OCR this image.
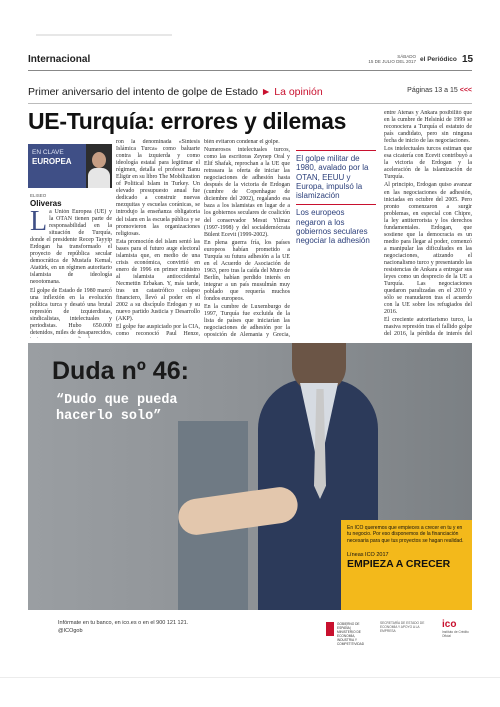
Internacional	SÁBADO
15 DE JULIO DEL 2017 el Periódico 15
Primer aniversario del intento de golpe de Estado ► La opinión	Páginas 13 a 15 <<<
UE-Turquía: errores y dilemas
EN CLAVE
EUROPEA
ELISEO
Oliveras

La Unión Europea (UE) y la OTAN tienen parte de responsabilidad en la situación de Turquía, donde el presidente Recep Tayyip Erdogan ha transformado el proyecto de república secular democrática de Mustafa Kemal, Atatürk, en un régimen autoritario islamista de ideología neootomana.

El golpe de Estado de 1980 marcó una inflexión en la evolución política turca y desató una brutal represión de izquierdistas, sindicalistas, intelectuales y periodistas. Hubo 650.000 detenidos, miles de desaparecidos,

ron la denominada «Síntesis Islámica Turca» como baluarte contra la izquierda y como ideología estatal para legitimar el régimen, detalla el profesor Banu Eligür en su libro The Mobilization of Political Islam in Turkey. Un elevado presupuesto anual fue dedicado a construir nuevas mezquitas y escuelas coránicas, se introdujo la enseñanza obligatoria del islam en la escuela pública y se promovieron las organizaciones religiosas.

Esta promoción del islam sentó las bases para el futuro auge electoral islamista que, en medio de una crisis económica, convirtió en enero de 1996 en primer ministro al islamista antioccidental Necmettin Erbakan. Y, más tarde, tras un catastrófico colapso financiero, llevó al poder en el 2002 a su discípulo Erdogan y su nuevo partido Justicia y Desarrollo (AKP).

El golpe fue auspiciado por la CIA, como reconoció Paul Henze,

bién evitaron condenar el golpe.

Numerosos intelectuales turcos, como las escritoras Zeynep Oral y Elif Shafak, reprochan a la UE que retrasara la oferta de iniciar las negociaciones de adhesión hasta después de la victoria de Erdogan (cumbre de Copenhague de diciembre del 2002), regalando esa baza a los islamistas en lugar de a los gobiernos seculares de coalición del conservador Mesut Yilmaz (1997-1998) y del socialdemócrata Bülent Ecevit (1999-2002).

En plena guerra fría, los países europeos habían prometido a Turquía su futura adhesión a la UE en el Acuerdo de Asociación de 1963, pero tras la caída del Muro de Berlín, habían perdido interés en integrar a un país musulmán muy poblado que requería muchos fondos europeos.

En la cumbre de Luxemburgo de 1997, Turquía fue excluida de la lista de países que iniciarían las negociaciones de adhesión por la oposición de Alemania y Grecia,

El golpe militar de 1980, avalado por la OTAN, EEUU y Europa, impulsó la islamización
Los europeos negaron a los gobiernos seculares negociar la adhesión

entre Atenas y Ankara posibilitó que en la cumbre de Helsinki de 1999 se reconociera a Turquía el estatuto de país candidato, pero sin ninguna fecha de inicio de las negociaciones.

Los intelectuales turcos estiman que esa cicatería con Ecevit contribuyó a la victoria de Erdogan y la aceleración de la islamización de Turquía.

Al principio, Erdogan quiso avanzar en las negociaciones de adhesión, iniciadas en octubre del 2005. Pero pronto comenzaron a surgir problemas, en especial con Chipre, la ley antiterrorista y los derechos fundamentales. Erdogan, que sostiene que la democracia es un medio para llegar al poder, comenzó a manipular las dificultades en las negociaciones, atizando el nacionalismo turco y presentando las resistencias de Ankara a entregar sus leyes como un desprecio de la UE a Turquía. Las negociaciones quedaron paralizadas en el 2010 y sólo se reanudaron tras el acuerdo con la UE sobre los refugiados del 2016.

El creciente autoritarismo turco, la masiva represión tras el fallido golpe del 2016, la pérdida de interés del

Duda nº 46:
“Dudo que pueda hacerlo solo”
En ICO queremos que empieces a crecer en tu y en tu negocio. Por eso disponemos de la financiación necesaria para que tus proyectos se hagan realidad.
Líneas ICO 2017
EMPIEZA A CRECER
Infórmate en tu banco, en ico.es o en el 900 121 121.
@ICOgob
GOBIERNO DE ESPAÑA | MINISTERIO DE ECONOMÍA, INDUSTRIA Y COMPETITIVIDAD
SECRETARÍA DE ESTADO DE ECONOMÍA Y APOYO A LA EMPRESA
ico
Instituto de Crédito Oficial
